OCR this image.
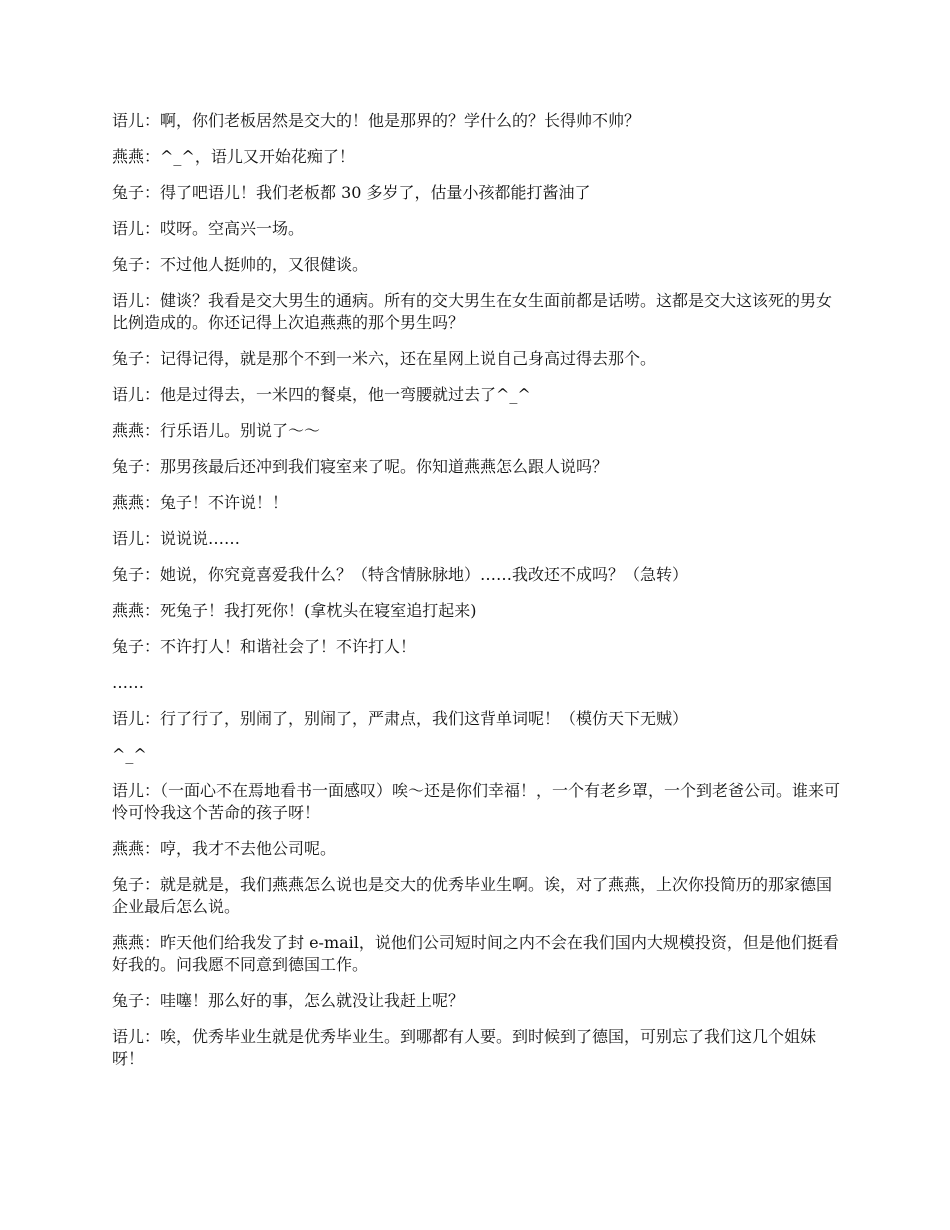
语儿：啊，你们老板居然是交大的！他是那界的？学什么的？长得帅不帅？

燕燕：^_^，语儿又开始花痴了！

兔子：得了吧语儿！我们老板都 30 多岁了，估量小孩都能打酱油了

语儿：哎呀。空高兴一场。

兔子：不过他人挺帅的，又很健谈。

语儿：健谈？我看是交大男生的通病。所有的交大男生在女生面前都是话唠。这都是交大这该死的男女比例造成的。你还记得上次追燕燕的那个男生吗？

兔子：记得记得，就是那个不到一米六，还在星网上说自己身高过得去那个。

语儿：他是过得去，一米四的餐桌，他一弯腰就过去了^_^

燕燕：行乐语儿。别说了～～

兔子：那男孩最后还冲到我们寝室来了呢。你知道燕燕怎么跟人说吗？

燕燕：兔子！不许说！！

语儿：说说说……

兔子：她说，你究竟喜爱我什么？（特含情脉脉地）……我改还不成吗？（急转）

燕燕：死兔子！我打死你！(拿枕头在寝室追打起来)

兔子：不许打人！和谐社会了！不许打人！

……

语儿：行了行了，别闹了，别闹了，严肃点，我们这背单词呢！（模仿天下无贼）

^_^

语儿：（一面心不在焉地看书一面感叹）唉～还是你们幸福！，一个有老乡罩，一个到老爸公司。谁来可怜可怜我这个苦命的孩子呀！

燕燕：哼，我才不去他公司呢。

兔子：就是就是，我们燕燕怎么说也是交大的优秀毕业生啊。诶，对了燕燕，上次你投简历的那家德国企业最后怎么说。

燕燕：昨天他们给我发了封 e-mail，说他们公司短时间之内不会在我们国内大规模投资，但是他们挺看好我的。问我愿不同意到德国工作。

兔子：哇噻！那么好的事，怎么就没让我赶上呢？

语儿：唉，优秀毕业生就是优秀毕业生。到哪都有人要。到时候到了德国，可别忘了我们这几个姐妹呀！
